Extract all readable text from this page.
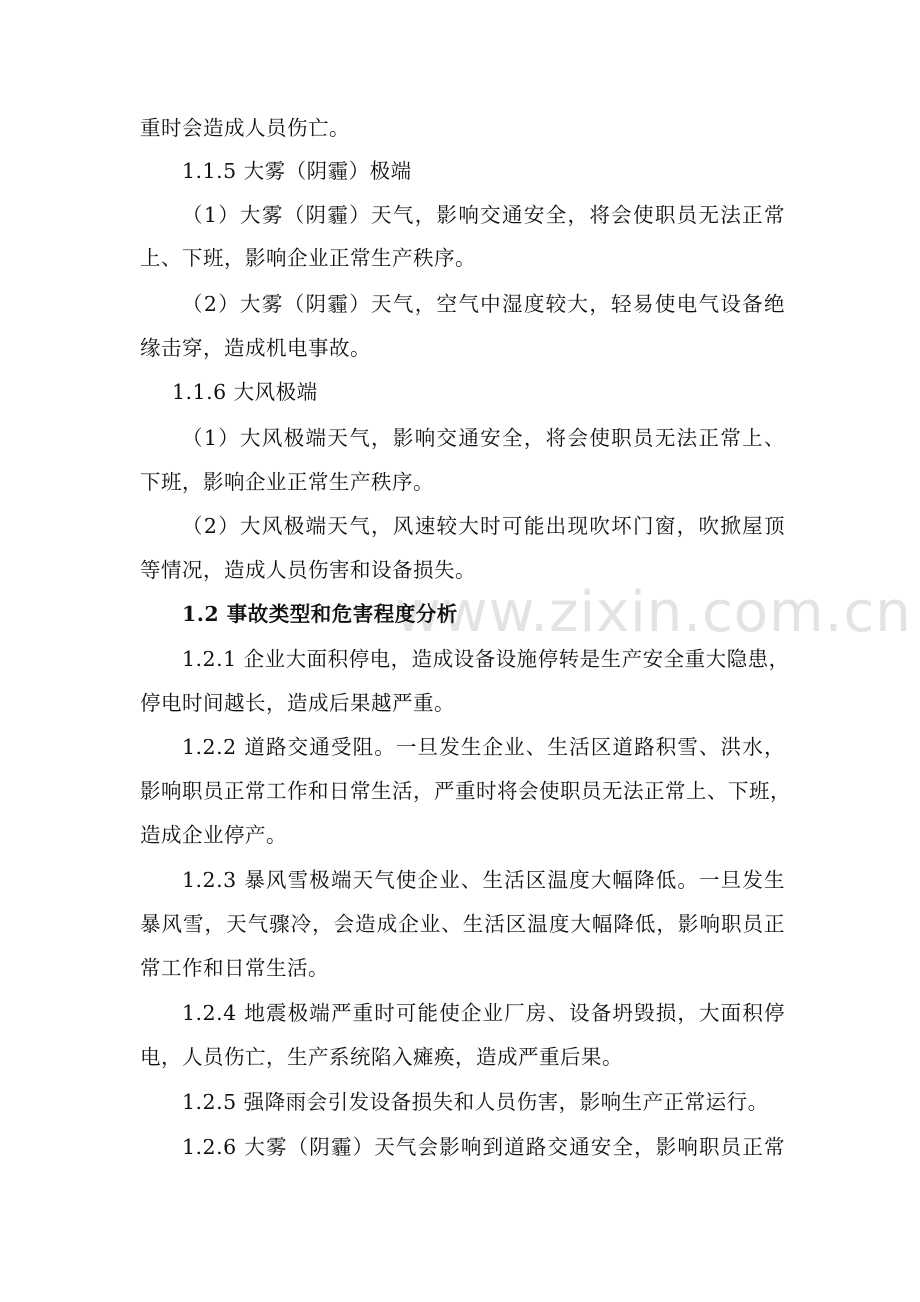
www.zixin.com.cn
重时会造成人员伤亡。
1.1.5 大雾（阴霾）极端
（1）大雾（阴霾）天气，影响交通安全，将会使职员无法正常
上、下班，影响企业正常生产秩序。
（2）大雾（阴霾）天气，空气中湿度较大，轻易使电气设备绝
缘击穿，造成机电事故。
1.1.6 大风极端
（1）大风极端天气，影响交通安全，将会使职员无法正常上、
下班，影响企业正常生产秩序。
（2）大风极端天气，风速较大时可能出现吹坏门窗，吹掀屋顶
等情况，造成人员伤害和设备损失。
1.2 事故类型和危害程度分析
1.2.1 企业大面积停电，造成设备设施停转是生产安全重大隐患，
停电时间越长，造成后果越严重。
1.2.2 道路交通受阻。一旦发生企业、生活区道路积雪、洪水，
影响职员正常工作和日常生活，严重时将会使职员无法正常上、下班，
造成企业停产。
1.2.3 暴风雪极端天气使企业、生活区温度大幅降低。一旦发生
暴风雪，天气骤冷，会造成企业、生活区温度大幅降低，影响职员正
常工作和日常生活。
1.2.4 地震极端严重时可能使企业厂房、设备坍毁损，大面积停
电，人员伤亡，生产系统陷入瘫痪，造成严重后果。
1.2.5 强降雨会引发设备损失和人员伤害，影响生产正常运行。
1.2.6 大雾（阴霾）天气会影响到道路交通安全，影响职员正常
